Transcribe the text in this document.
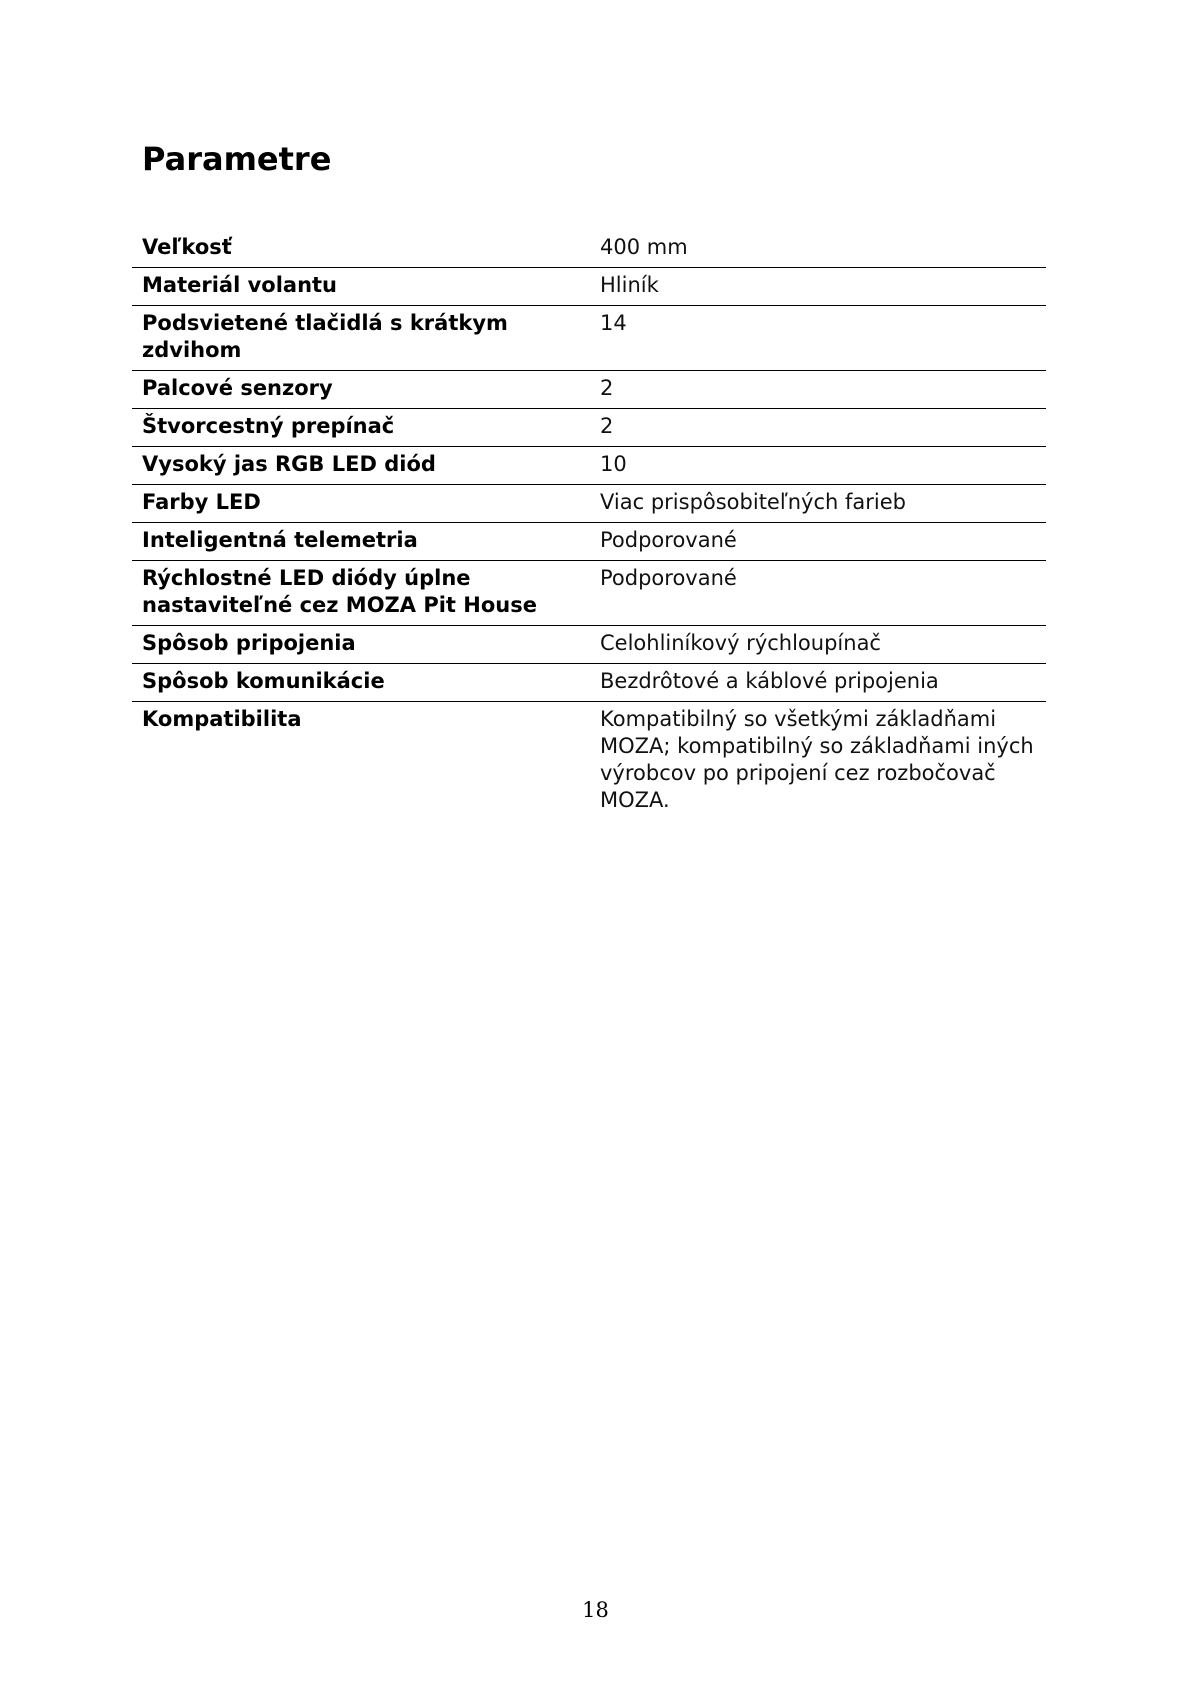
Parametre
Veľkosť	400 mm
Materiál volantu	Hliník
Podsvietené tlačidlá s krátkym zdvihom	14
Palcové senzory	2
Štvorcestný prepínač	2
Vysoký jas RGB LED diód	10
Farby LED	Viac prispôsobiteľných farieb
Inteligentná telemetria	Podporované
Rýchlostné LED diódy úplne nastaviteľné cez MOZA Pit House	Podporované
Spôsob pripojenia	Celohliníkový rýchloupínač
Spôsob komunikácie	Bezdrôtové a káblové pripojenia
Kompatibilita	Kompatibilný so všetkými základňami MOZA; kompatibilný so základňami iných výrobcov po pripojení cez rozbočovač MOZA.
18
